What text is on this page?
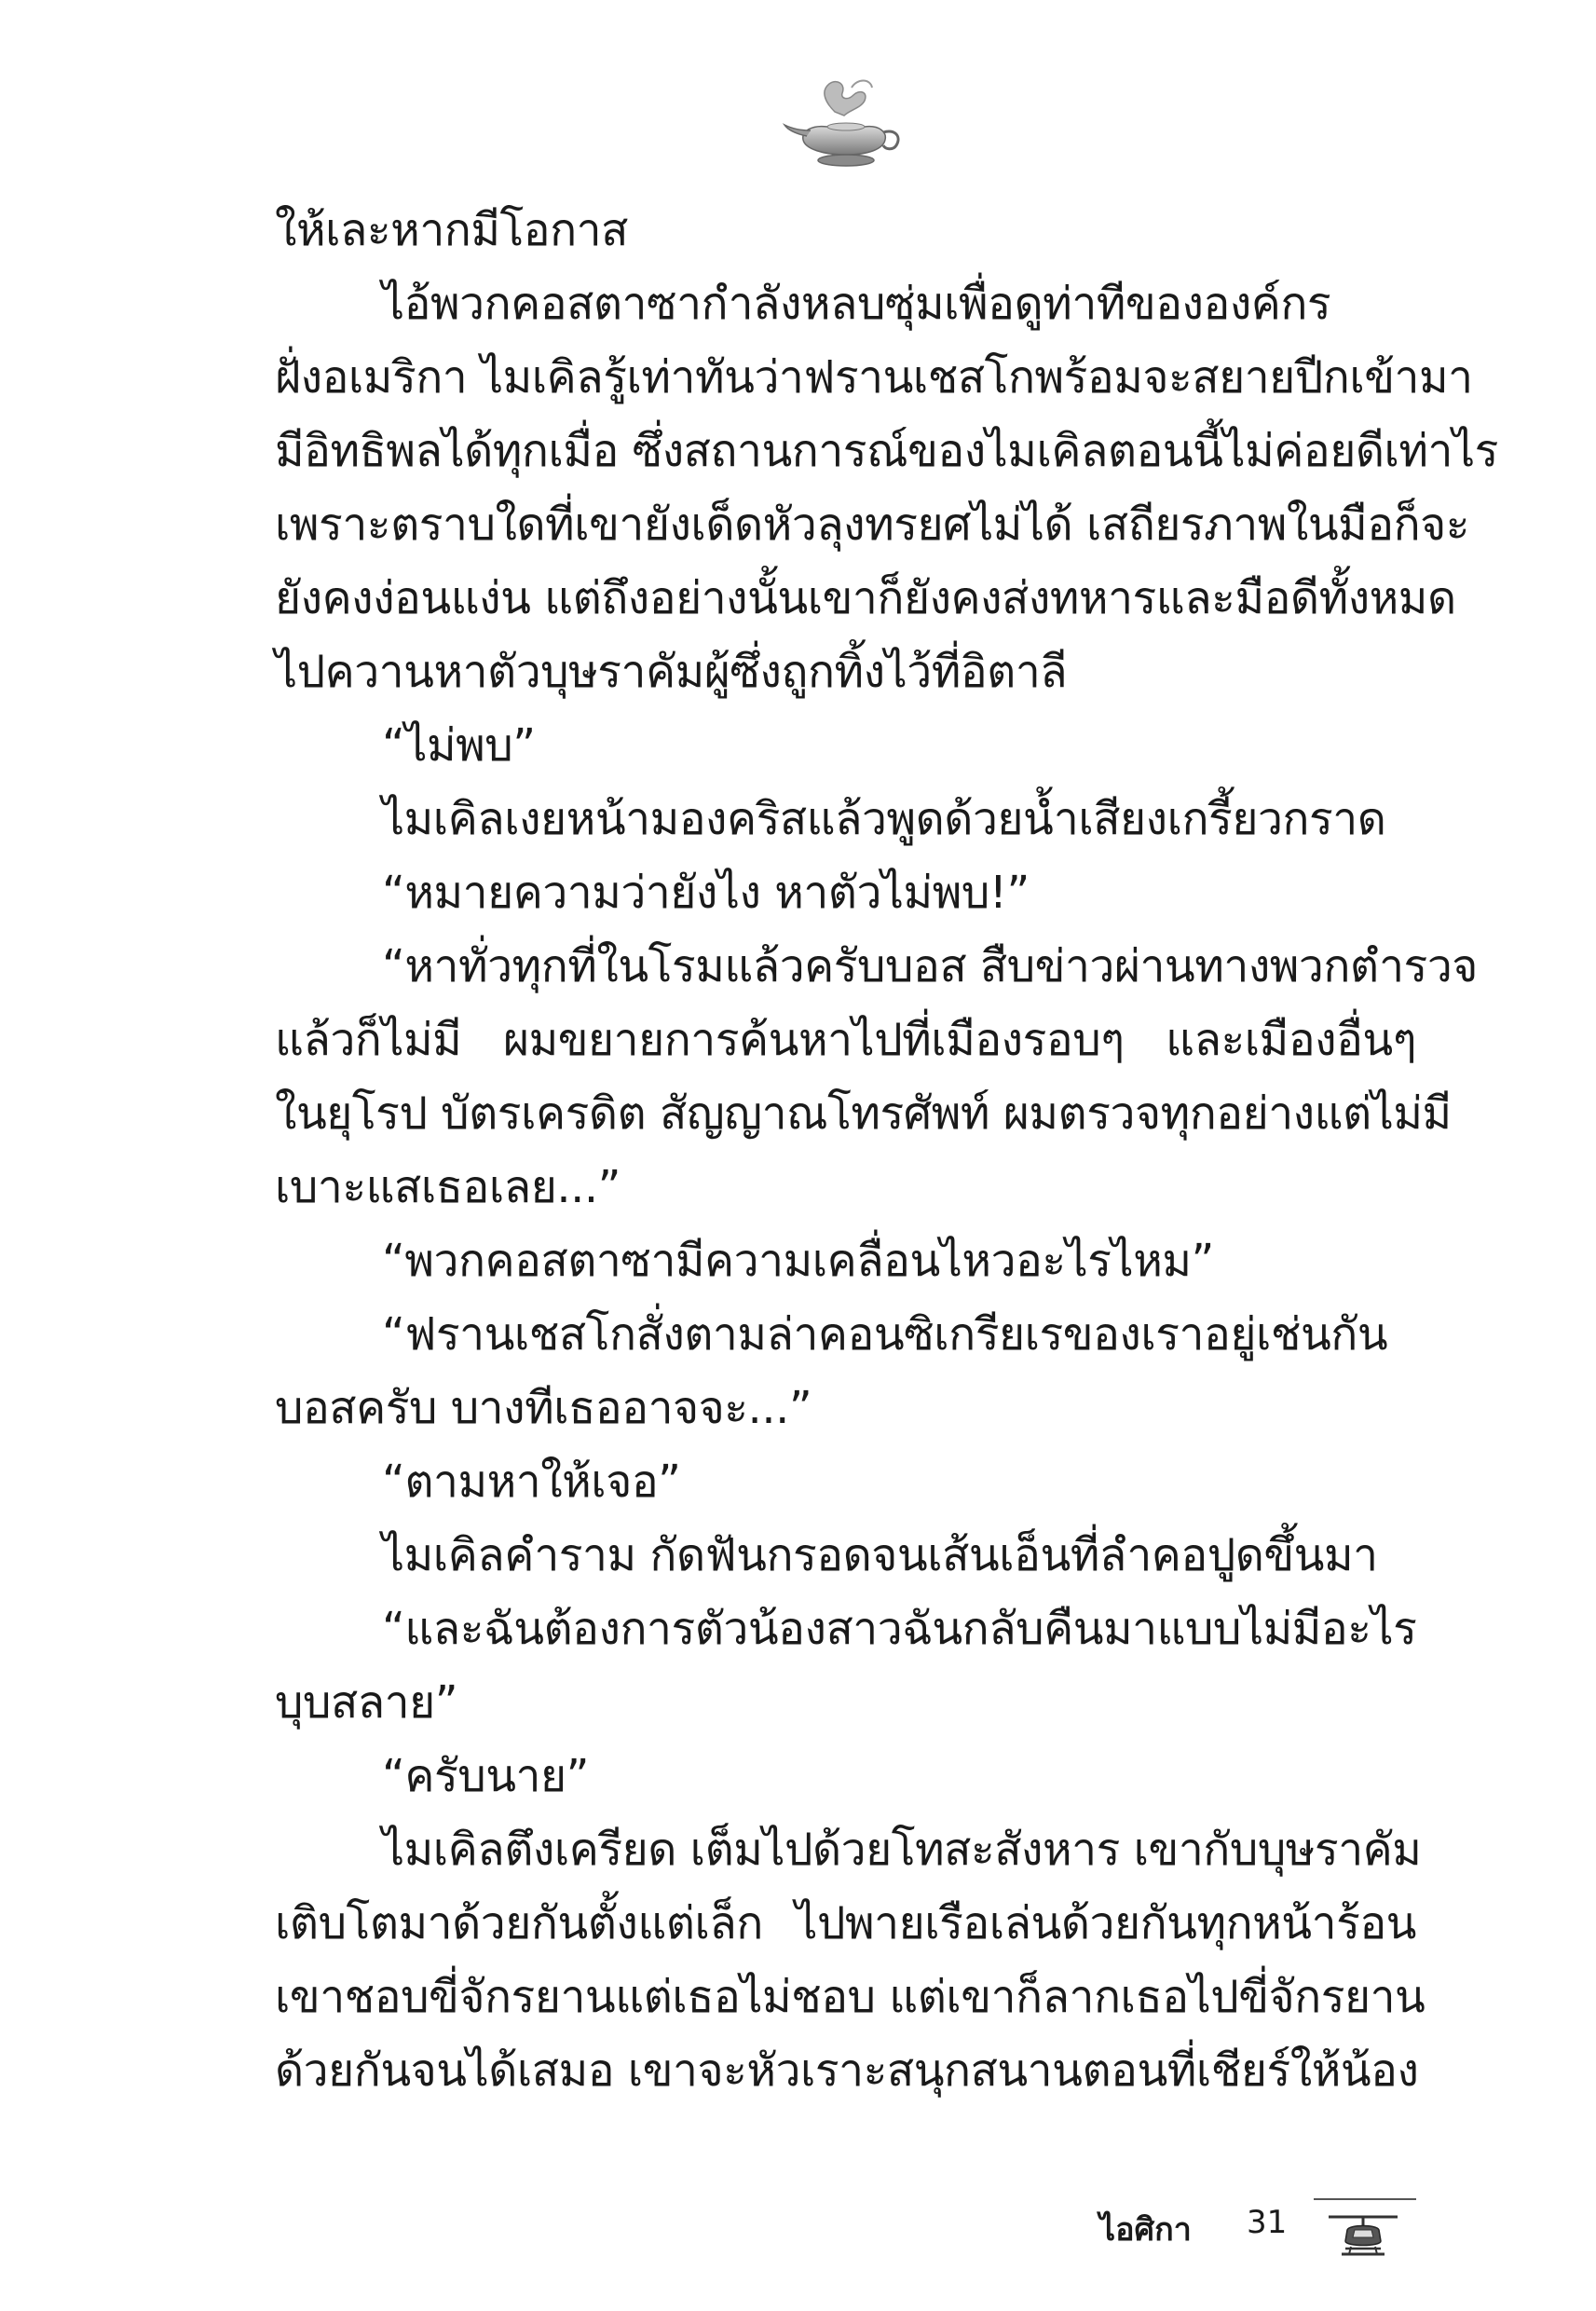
ให้เละหากมีโอกาส
ไอ้พวกคอสตาซากำลังหลบซุ่มเพื่อดูท่าทีขององค์กร
ฝั่งอเมริกา ไมเคิลรู้เท่าทันว่าฟรานเชสโกพร้อมจะสยายปีกเข้ามา
มีอิทธิพลได้ทุกเมื่อ ซึ่งสถานการณ์ของไมเคิลตอนนี้ไม่ค่อยดีเท่าไร
เพราะตราบใดที่เขายังเด็ดหัวลุงทรยศไม่ได้ เสถียรภาพในมือก็จะ
ยังคงง่อนแง่น แต่ถึงอย่างนั้นเขาก็ยังคงส่งทหารและมือดีทั้งหมด
ไปควานหาตัวบุษราคัมผู้ซึ่งถูกทิ้งไว้ที่อิตาลี
“ไม่พบ”
ไมเคิลเงยหน้ามองคริสแล้วพูดด้วยน้ำเสียงเกรี้ยวกราด
“หมายความว่ายังไง หาตัวไม่พบ!”
“หาทั่วทุกที่ในโรมแล้วครับบอส สืบข่าวผ่านทางพวกตำรวจ
แล้วก็ไม่มี ผมขยายการค้นหาไปที่เมืองรอบๆ และเมืองอื่นๆ
ในยุโรป บัตรเครดิต สัญญาณโทรศัพท์ ผมตรวจทุกอย่างแต่ไม่มี
เบาะแสเธอเลย...”
“พวกคอสตาซามีความเคลื่อนไหวอะไรไหม”
“ฟรานเชสโกสั่งตามล่าคอนซิเกรียเรของเราอยู่เช่นกัน
บอสครับ บางทีเธออาจจะ...”
“ตามหาให้เจอ”
ไมเคิลคำราม กัดฟันกรอดจนเส้นเอ็นที่ลำคอปูดขึ้นมา
“และฉันต้องการตัวน้องสาวฉันกลับคืนมาแบบไม่มีอะไร
บุบสลาย”
“ครับนาย”
ไมเคิลตึงเครียด เต็มไปด้วยโทสะสังหาร เขากับบุษราคัม
เติบโตมาด้วยกันตั้งแต่เล็ก ไปพายเรือเล่นด้วยกันทุกหน้าร้อน
เขาชอบขี่จักรยานแต่เธอไม่ชอบ แต่เขาก็ลากเธอไปขี่จักรยาน
ด้วยกันจนได้เสมอ เขาจะหัวเราะสนุกสนานตอนที่เชียร์ให้น้อง
ไอศิกา 31
